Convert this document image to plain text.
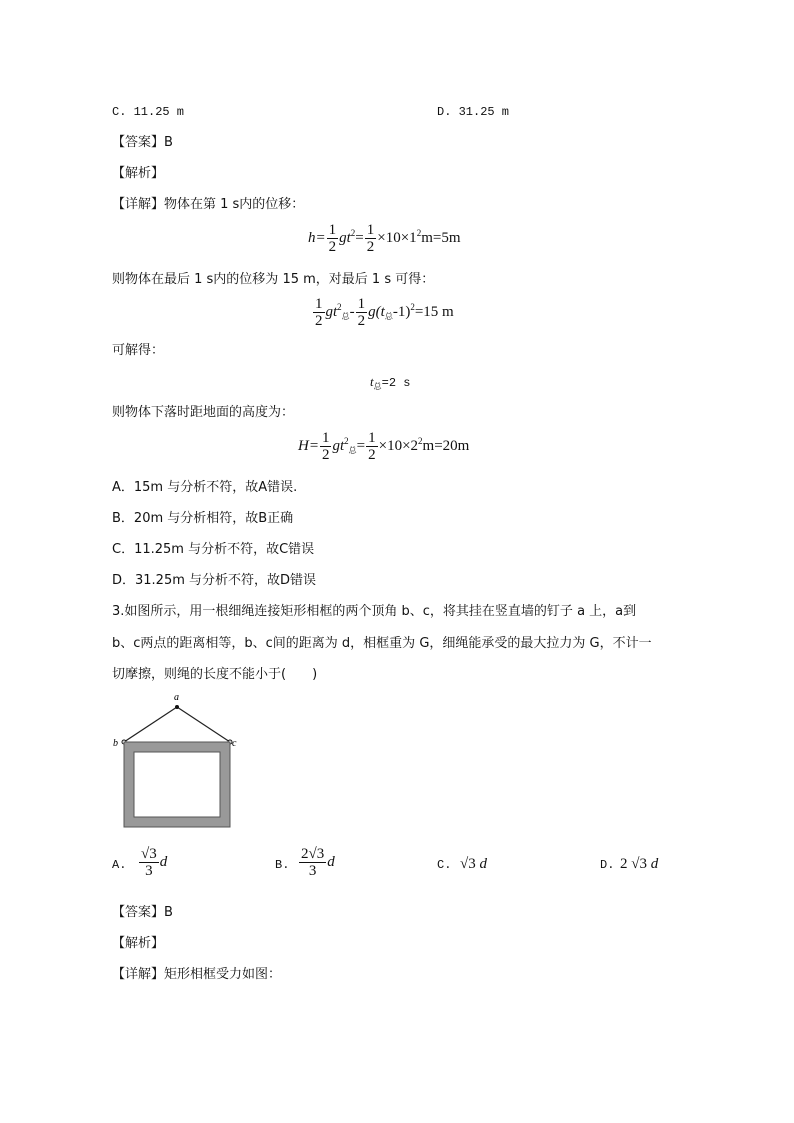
C. 11.25 m	D. 31.25 m
【答案】B
【解析】
【详解】物体在第 1 s内的位移：
$h= \frac{1}{2} gt^2= \frac{1}{2} \times 10\times 1^2m=5m$
则物体在最后 1 s内的位移为 15 m，对最后 1 s 可得：
$\frac{1}{2} gt^2_总- \frac{1}{2} g(t_总-1)^2=15$ m
可解得：
$t_总=2$ s
则物体下落时距地面的高度为：
$H= \frac{1}{2} gt^2_总= \frac{1}{2} \times 10\times 2^2m=20m$
A．15m 与分析不符，故A错误.
B．20m 与分析相符，故B正确
C．11.25m 与分析不符，故C错误
D．31.25m 与分析不符，故D错误
3.如图所示，用一根细绳连接矩形相框的两个顶角 b、c，将其挂在竖直墙的钉子 a 上，a到
b、c两点的距离相等，b、c间的距离为 d，相框重为 G，细绳能承受的最大拉力为 G，不计一
切摩擦，则绳的长度不能小于(　　)
a
b	c
A. $\frac{√3}{3}$ d	B. $\frac{2√3}{3}$ d	C. √3 d	D. 2 √3 d
【答案】B
【解析】
【详解】矩形相框受力如图：
